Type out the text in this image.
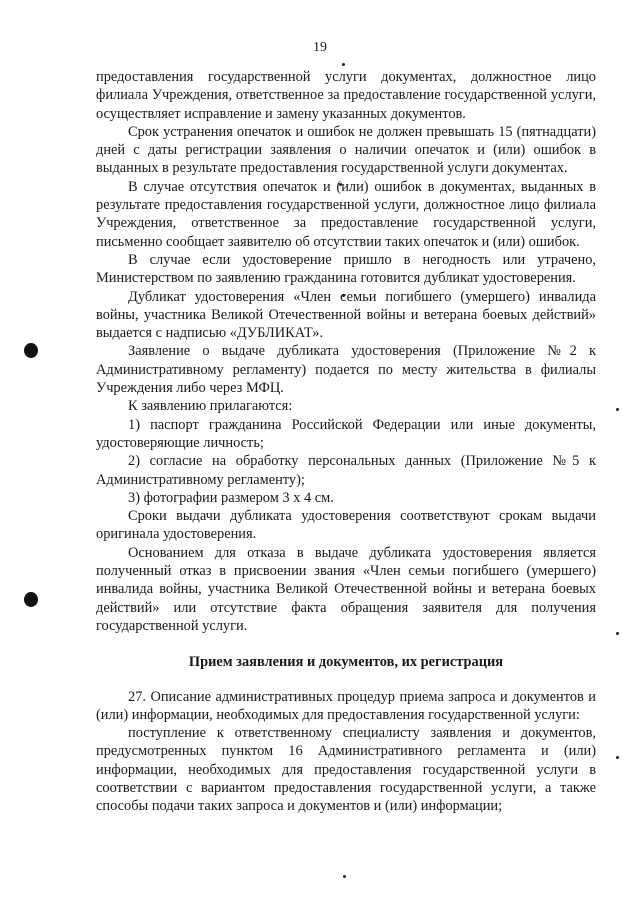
19

предоставления государственной услуги документах, должностное лицо филиала Учреждения, ответственное за предоставление государственной услуги, осуществляет исправление и замену указанных документов.

Срок устранения опечаток и ошибок не должен превышать 15 (пятнадцати) дней с даты регистрации заявления о наличии опечаток и (или) ошибок в выданных в результате предоставления государственной услуги документах.

В случае отсутствия опечаток и (или) ошибок в документах, выданных в результате предоставления государственной услуги, должностное лицо филиала Учреждения, ответственное за предоставление государственной услуги, письменно сообщает заявителю об отсутствии таких опечаток и (или) ошибок.

В случае если удостоверение пришло в негодность или утрачено, Министерством по заявлению гражданина готовится дубликат удостоверения.

Дубликат удостоверения «Член семьи погибшего (умершего) инвалида войны, участника Великой Отечественной войны и ветерана боевых действий» выдается с надписью «ДУБЛИКАТ».

Заявление о выдаче дубликата удостоверения (Приложение №2 к Административному регламенту) подается по месту жительства в филиалы Учреждения либо через МФЦ.

К заявлению прилагаются:

1) паспорт гражданина Российской Федерации или иные документы, удостоверяющие личность;

2) согласие на обработку персональных данных (Приложение №5 к Административному регламенту);

3) фотографии размером 3 х 4 см.

Сроки выдачи дубликата удостоверения соответствуют срокам выдачи оригинала удостоверения.

Основанием для отказа в выдаче дубликата удостоверения является полученный отказ в присвоении звания «Член семьи погибшего (умершего) инвалида войны, участника Великой Отечественной войны и ветерана боевых действий» или отсутствие факта обращения заявителя для получения государственной услуги.

Прием заявления и документов, их регистрация

27. Описание административных процедур приема запроса и документов и (или) информации, необходимых для предоставления государственной услуги:

поступление к ответственному специалисту заявления и документов, предусмотренных пунктом 16 Административного регламента и (или) информации, необходимых для предоставления государственной услуги в соответствии с вариантом предоставления государственной услуги, а также способы подачи таких запроса и документов и (или) информации;
